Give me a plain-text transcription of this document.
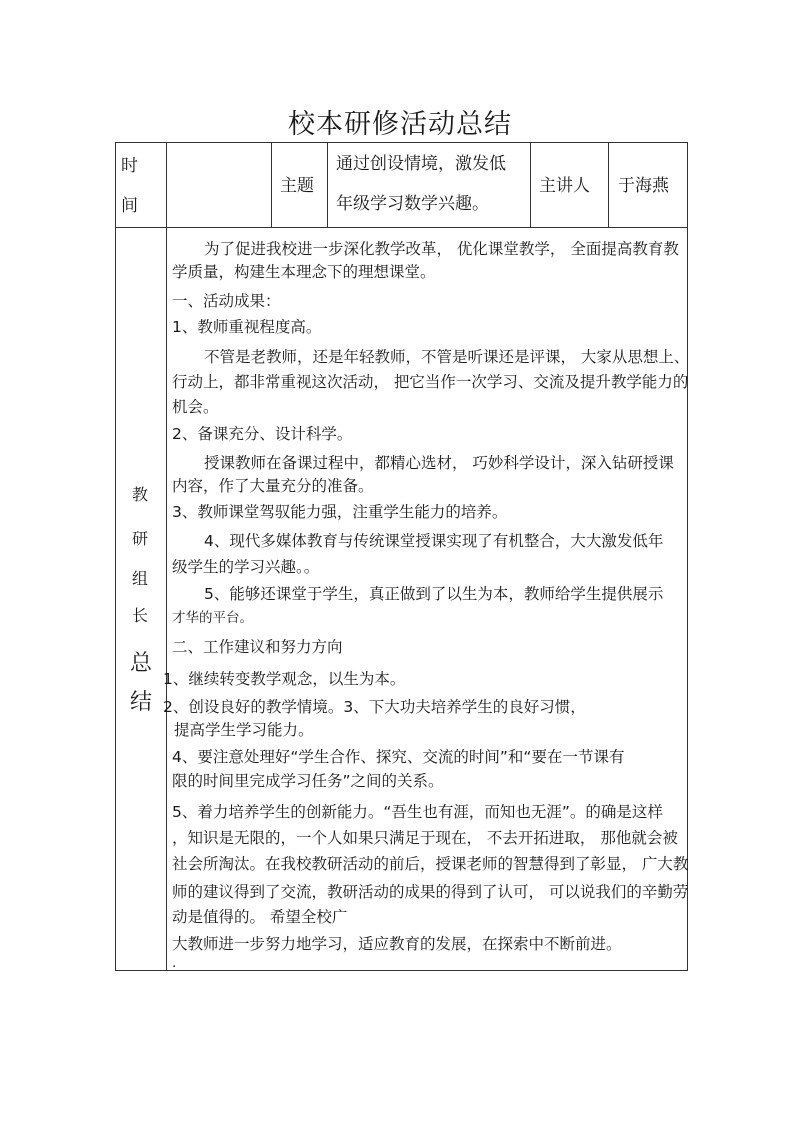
校本研修活动总结
时
间
主题
通过创设情境，激发低
年级学习数学兴趣。
主讲人 于海燕
教
研
组
长
总
结
为了促进我校进一步深化教学改革， 优化课堂教学， 全面提高教育教
学质量，构建生本理念下的理想课堂。
一、活动成果：
1、教师重视程度高。
不管是老教师，还是年轻教师，不管是听课还是评课， 大家从思想上、
行动上，都非常重视这次活动， 把它当作一次学习、交流及提升教学能力的
机会。
2、备课充分、设计科学。
授课教师在备课过程中，都精心选材， 巧妙科学设计，深入钻研授课
内容，作了大量充分的准备。
3、教师课堂驾驭能力强，注重学生能力的培养。
4、现代多媒体教育与传统课堂授课实现了有机整合，大大激发低年
级学生的学习兴趣。。
5、能够还课堂于学生，真正做到了以生为本，教师给学生提供展示
才华的平台。
二、工作建议和努力方向
1、继续转变教学观念，以生为本。
2、创设良好的教学情境。3、下大功夫培养学生的良好习惯，
提高学生学习能力。
4、要注意处理好“学生合作、探究、交流的时间”和“要在一节课有
限的时间里完成学习任务”之间的关系。
5、着力培养学生的创新能力。“吾生也有涯，而知也无涯”。的确是这样
，知识是无限的，一个人如果只满足于现在， 不去开拓进取， 那他就会被
社会所淘汰。在我校教研活动的前后，授课老师的智慧得到了彰显， 广大教
师的建议得到了交流，教研活动的成果的得到了认可， 可以说我们的辛勤劳
动是值得的。 希望全校广
大教师进一步努力地学习，适应教育的发展，在探索中不断前进。
.
